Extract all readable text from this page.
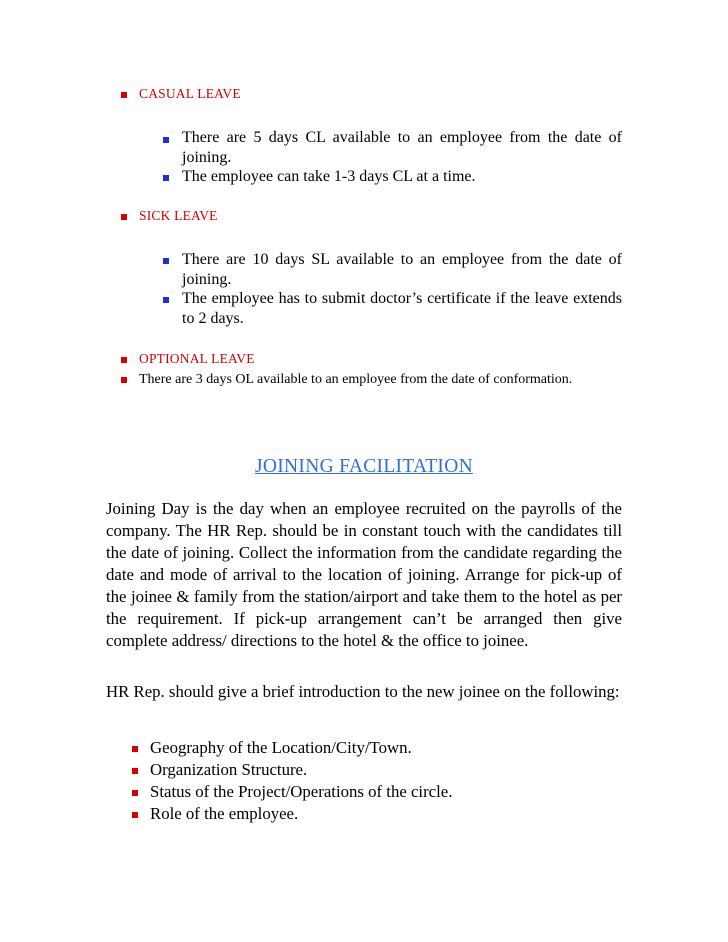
CASUAL LEAVE
There are 5 days CL available to an employee from the date of joining.
The employee can take 1-3 days CL at a time.
SICK LEAVE
There are 10 days SL available to an employee from the date of joining.
The employee has to submit doctor’s certificate if the leave extends to 2 days.
OPTIONAL LEAVE
There are 3 days OL available to an employee from the date of conformation.
JOINING FACILITATION
Joining Day is the day when an employee recruited on the payrolls of the company. The HR Rep. should be in constant touch with the candidates till the date of joining. Collect the information from the candidate regarding the date and mode of arrival to the location of joining. Arrange for pick-up of the joinee & family from the station/airport and take them to the hotel as per the requirement. If pick-up arrangement can’t be arranged then give complete address/ directions to the hotel & the office to joinee.
HR Rep. should give a brief introduction to the new joinee on the following:
Geography of the Location/City/Town.
Organization Structure.
Status of the Project/Operations of the circle.
Role of the employee.
